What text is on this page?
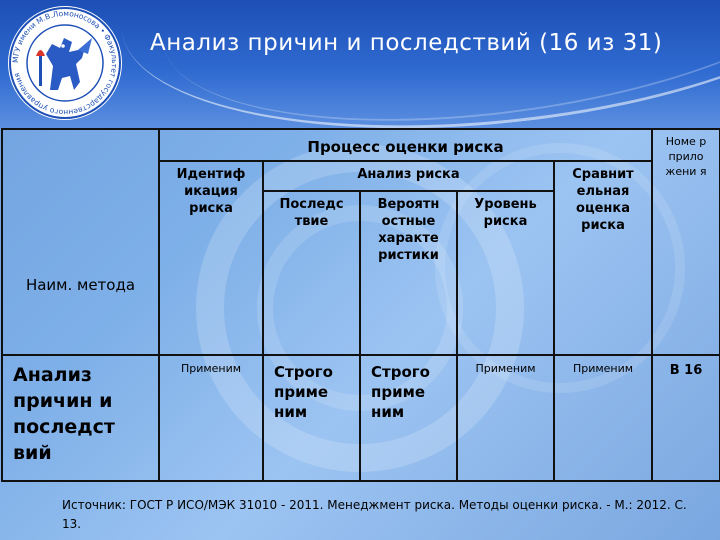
МГУ имени М.В.Ломоносова • Факультет государственного управления
Анализ причин и последствий (16 из 31)
Наим. метода	Процесс оценки риска					Номе р прило жени я
	Идентиф икация риска	Анализ риска			Сравнит ельная оценка риска	
		Последс твие	Вероятн остные характе ристики	Уровень риска		
Анализ причин и последст вий	Применим	Строго приме ним	Строго приме ним	Применим	Применим	В 16
Источник: ГОСТ Р ИСО/МЭК 31010 - 2011. Менеджмент риска. Методы оценки риска. - М.: 2012. С. 13.
